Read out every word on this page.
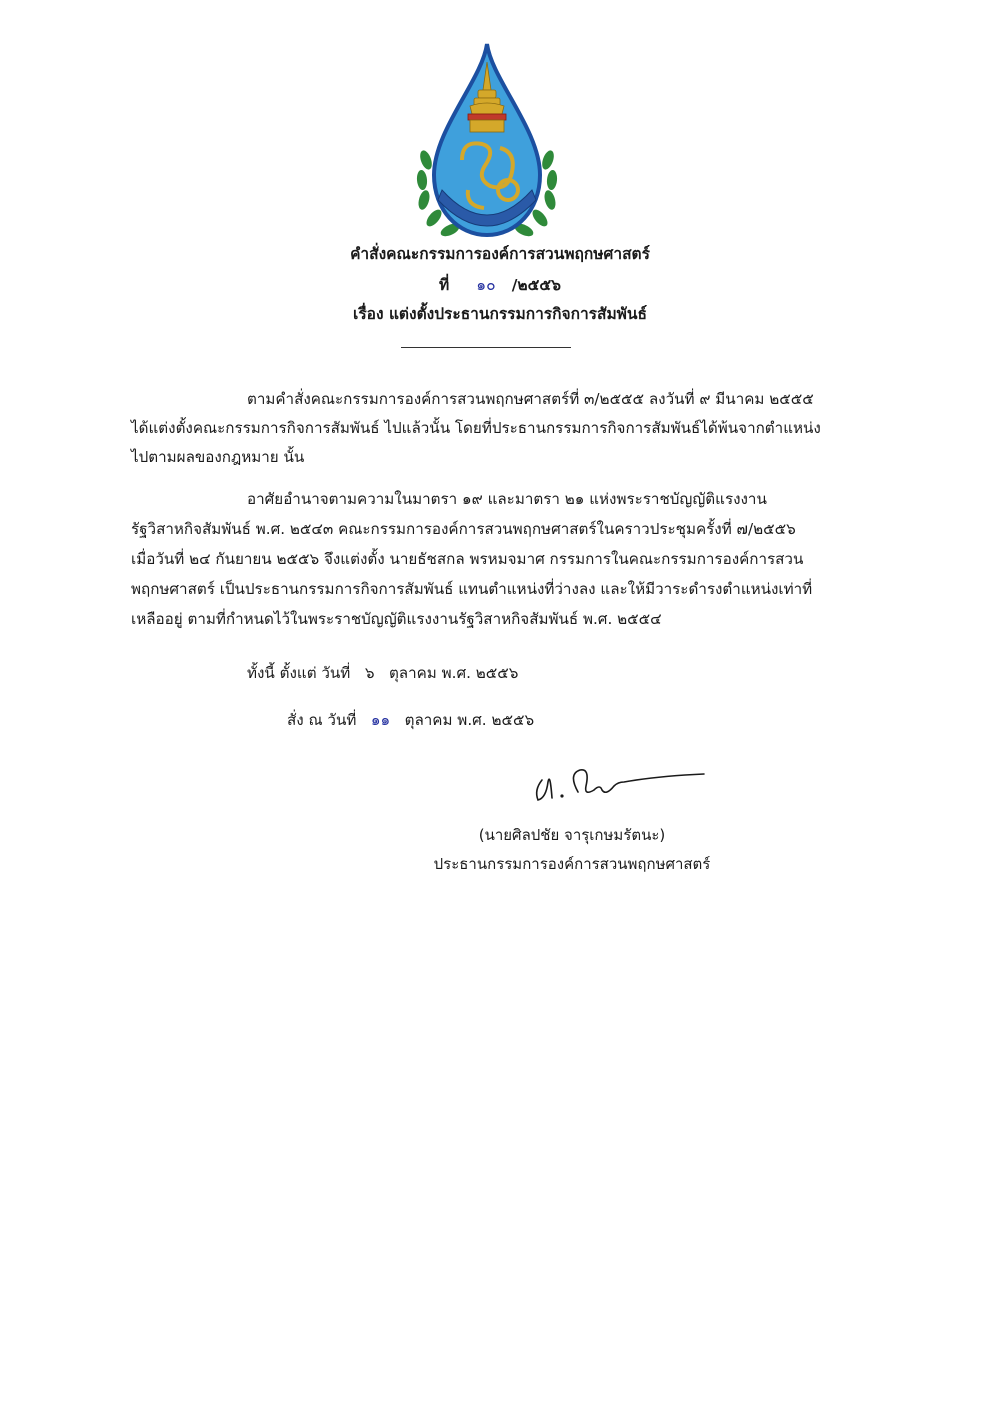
คำสั่งคณะกรรมการองค์การสวนพฤกษศาสตร์
ที่ ๑๐ /๒๕๕๖
เรื่อง แต่งตั้งประธานกรรมการกิจการสัมพันธ์
ตามคำสั่งคณะกรรมการองค์การสวนพฤกษศาสตร์ที่ ๓/๒๕๕๕ ลงวันที่ ๙ มีนาคม ๒๕๕๕
ได้แต่งตั้งคณะกรรมการกิจการสัมพันธ์ ไปแล้วนั้น โดยที่ประธานกรรมการกิจการสัมพันธ์ได้พ้นจากตำแหน่ง
ไปตามผลของกฎหมาย นั้น
อาศัยอำนาจตามความในมาตรา ๑๙ และมาตรา ๒๑ แห่งพระราชบัญญัติแรงงาน
รัฐวิสาหกิจสัมพันธ์ พ.ศ. ๒๕๔๓ คณะกรรมการองค์การสวนพฤกษศาสตร์ในคราวประชุมครั้งที่ ๗/๒๕๕๖
เมื่อวันที่ ๒๔ กันยายน ๒๕๕๖ จึงแต่งตั้ง นายธัชสกล พรหมจมาศ กรรมการในคณะกรรมการองค์การสวน
พฤกษศาสตร์ เป็นประธานกรรมการกิจการสัมพันธ์ แทนตำแหน่งที่ว่างลง และให้มีวาระดำรงตำแหน่งเท่าที่
เหลืออยู่ ตามที่กำหนดไว้ในพระราชบัญญัติแรงงานรัฐวิสาหกิจสัมพันธ์ พ.ศ. ๒๕๕๔
ทั้งนี้ ตั้งแต่ วันที่ ๖ ตุลาคม พ.ศ. ๒๕๕๖
สั่ง ณ วันที่ ๑๑ ตุลาคม พ.ศ. ๒๕๕๖
(นายศิลปชัย จารุเกษมรัตนะ)
ประธานกรรมการองค์การสวนพฤกษศาสตร์
